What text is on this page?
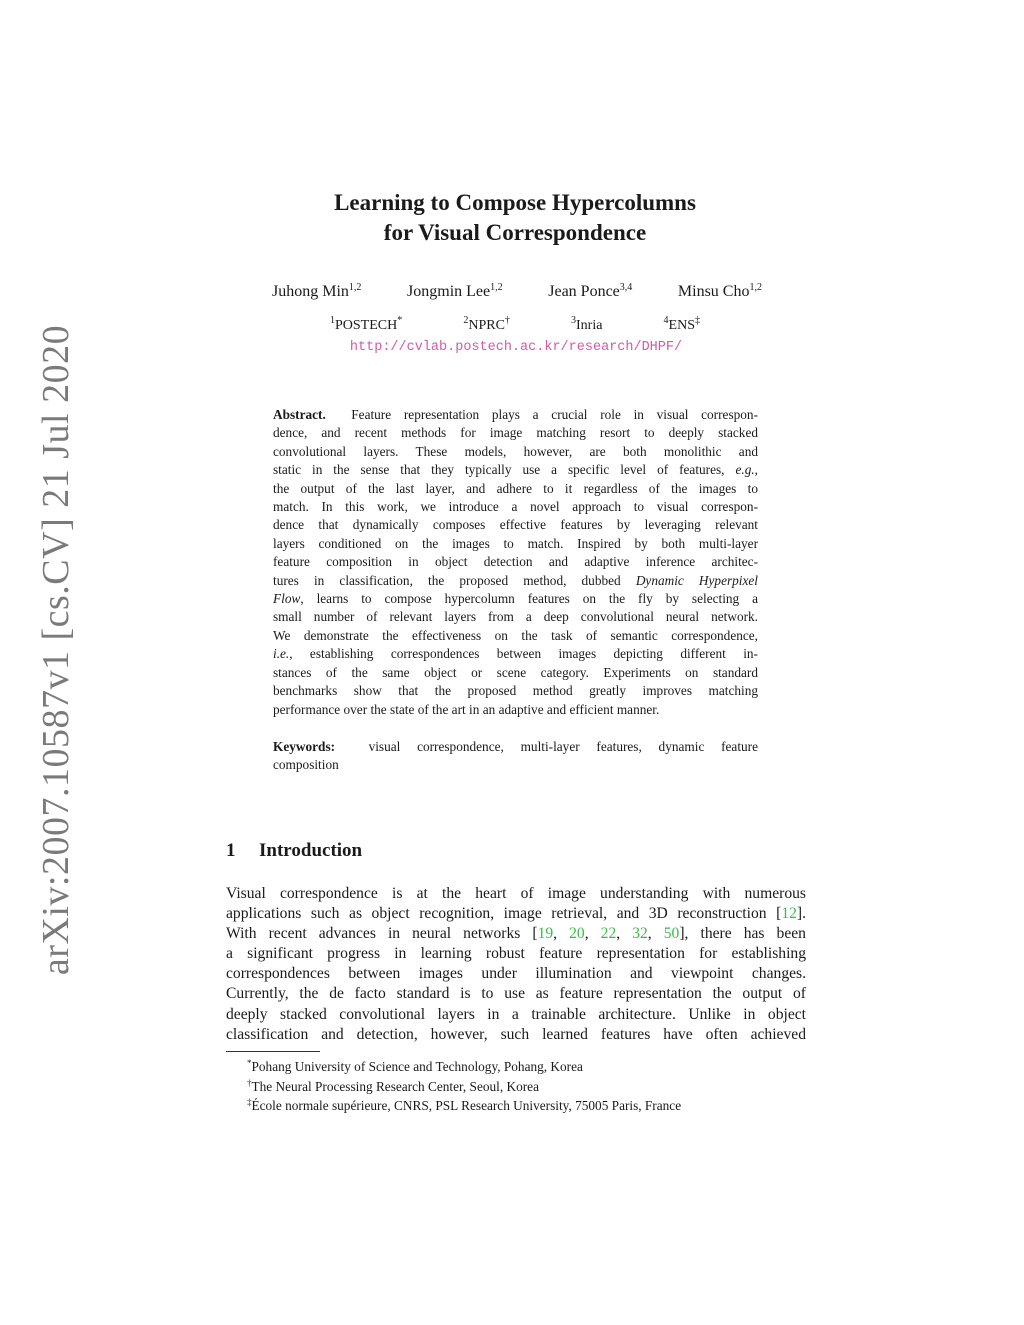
arXiv:2007.10587v1 [cs.CV] 21 Jul 2020
Learning to Compose Hypercolumns
for Visual Correspondence
Juhong Min$^{1,2}$	Jongmin Lee$^{1,2}$	Jean Ponce$^{3,4}$	Minsu Cho$^{1,2}$
$^1$POSTECH*	$^2$NPRC†	$^3$Inria	$^4$ENS‡
http://cvlab.postech.ac.kr/research/DHPF/
Abstract. Feature representation plays a crucial role in visual correspon-
dence, and recent methods for image matching resort to deeply stacked
convolutional layers. These models, however, are both monolithic and
static in the sense that they typically use a specific level of features, e.g.,
the output of the last layer, and adhere to it regardless of the images to
match. In this work, we introduce a novel approach to visual correspon-
dence that dynamically composes effective features by leveraging relevant
layers conditioned on the images to match. Inspired by both multi-layer
feature composition in object detection and adaptive inference architec-
tures in classification, the proposed method, dubbed Dynamic Hyperpixel
Flow, learns to compose hypercolumn features on the fly by selecting a
small number of relevant layers from a deep convolutional neural network.
We demonstrate the effectiveness on the task of semantic correspondence,
i.e., establishing correspondences between images depicting different in-
stances of the same object or scene category. Experiments on standard
benchmarks show that the proposed method greatly improves matching
performance over the state of the art in an adaptive and efficient manner.
Keywords:	visual correspondence, multi-layer features, dynamic feature
composition
1 Introduction
Visual correspondence is at the heart of image understanding with numerous
applications such as object recognition, image retrieval, and 3D reconstruction [12].
With recent advances in neural networks [19, 20, 22, 32, 50], there has been
a significant progress in learning robust feature representation for establishing
correspondences between images under illumination and viewpoint changes.
Currently, the de facto standard is to use as feature representation the output of
deeply stacked convolutional layers in a trainable architecture. Unlike in object
classification and detection, however, such learned features have often achieved
*Pohang University of Science and Technology, Pohang, Korea
†The Neural Processing Research Center, Seoul, Korea
‡École normale supérieure, CNRS, PSL Research University, 75005 Paris, France
